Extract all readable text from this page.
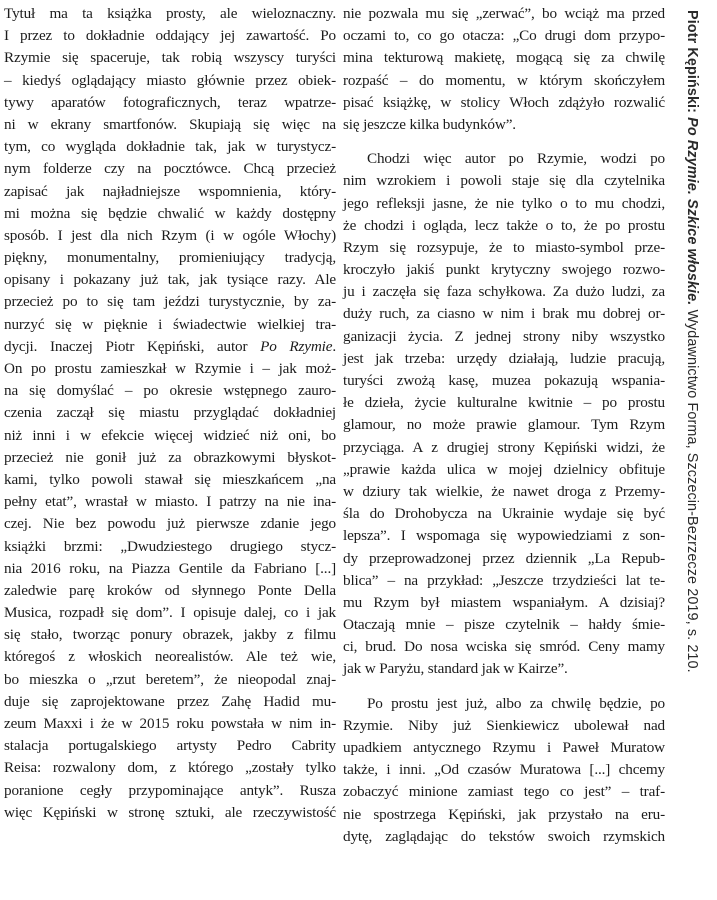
Tytuł ma ta książka prosty, ale wieloznaczny.
I przez to dokładnie oddający jej zawartość. Po
Rzymie się spaceruje, tak robią wszyscy turyści
– kiedyś oglądający miasto głównie przez obiek-
tywy aparatów fotograficznych, teraz wpatrze-
ni w ekrany smartfonów. Skupiają się więc na
tym, co wygląda dokładnie tak, jak w turystycz-
nym folderze czy na pocztówce. Chcą przecież
zapisać jak najładniejsze wspomnienia, który-
mi można się będzie chwalić w każdy dostępny
sposób. I jest dla nich Rzym (i w ogóle Włochy)
piękny, monumentalny, promieniujący tradycją,
opisany i pokazany już tak, jak tysiące razy. Ale
przecież po to się tam jeździ turystycznie, by za-
nurzyć się w pięknie i świadectwie wielkiej tra-
dycji. Inaczej Piotr Kępiński, autor Po Rzymie.
On po prostu zamieszkał w Rzymie i – jak moż-
na się domyślać – po okresie wstępnego zauro-
czenia zaczął się miastu przyglądać dokładniej
niż inni i w efekcie więcej widzieć niż oni, bo
przecież nie gonił już za obrazkowymi błyskot-
kami, tylko powoli stawał się mieszkańcem „na
pełny etat”, wrastał w miasto. I patrzy na nie ina-
czej. Nie bez powodu już pierwsze zdanie jego
książki brzmi: „Dwudziestego drugiego stycz-
nia 2016 roku, na Piazza Gentile da Fabriano [...]
zaledwie parę kroków od słynnego Ponte Della
Musica, rozpadł się dom”. I opisuje dalej, co i jak
się stało, tworząc ponury obrazek, jakby z filmu
któregoś z włoskich neorealistów. Ale też wie,
bo mieszka o „rzut beretem”, że nieopodal znaj-
duje się zaprojektowane przez Zahę Hadid mu-
zeum Maxxi i że w 2015 roku powstała w nim in-
stalacja portugalskiego artysty Pedro Cabrity
Reisa: rozwalony dom, z którego „zostały tylko
poranione cegły przypominające antyk”. Rusza
więc Kępiński w stronę sztuki, ale rzeczywistość
nie pozwala mu się „zerwać”, bo wciąż ma przed
oczami to, co go otacza: „Co drugi dom przypo-
mina tekturową makietę, mogącą się za chwilę
rozpaść – do momentu, w którym skończyłem
pisać książkę, w stolicy Włoch zdążyło rozwalić
się jeszcze kilka budynków”.
Chodzi więc autor po Rzymie, wodzi po
nim wzrokiem i powoli staje się dla czytelnika
jego refleksji jasne, że nie tylko o to mu chodzi,
że chodzi i ogląda, lecz także o to, że po prostu
Rzym się rozsypuje, że to miasto-symbol prze-
kroczyło jakiś punkt krytyczny swojego rozwo-
ju i zaczęła się faza schyłkowa. Za dużo ludzi, za
duży ruch, za ciasno w nim i brak mu dobrej or-
ganizacji życia. Z jednej strony niby wszystko
jest jak trzeba: urzędy działają, ludzie pracują,
turyści zwożą kasę, muzea pokazują wspania-
łe dzieła, życie kulturalne kwitnie – po prostu
glamour, no może prawie glamour. Tym Rzym
przyciąga. A z drugiej strony Kępiński widzi, że
„prawie każda ulica w mojej dzielnicy obfituje
w dziury tak wielkie, że nawet droga z Przemy-
śla do Drohobycza na Ukrainie wydaje się być
lepsza”. I wspomaga się wypowiedziami z son-
dy przeprowadzonej przez dziennik „La Repub-
blica” – na przykład: „Jeszcze trzydzieści lat te-
mu Rzym był miastem wspaniałym. A dzisiaj?
Otaczają mnie – pisze czytelnik – hałdy śmie-
ci, brud. Do nosa wciska się smród. Ceny mamy
jak w Paryżu, standard jak w Kairze”.
Po prostu jest już, albo za chwilę będzie, po
Rzymie. Niby już Sienkiewicz ubolewał nad
upadkiem antycznego Rzymu i Paweł Muratow
także, i inni. „Od czasów Muratowa [...] chcemy
zobaczyć minione zamiast tego co jest” – traf-
nie spostrzega Kępiński, jak przystało na eru-
dytę, zaglądając do tekstów swoich rzymskich
Piotr Kępiński: Po Rzymie. Szkice włoskie. Wydawnictwo Forma, Szczecin-Bezrzecze 2019, s. 210.
